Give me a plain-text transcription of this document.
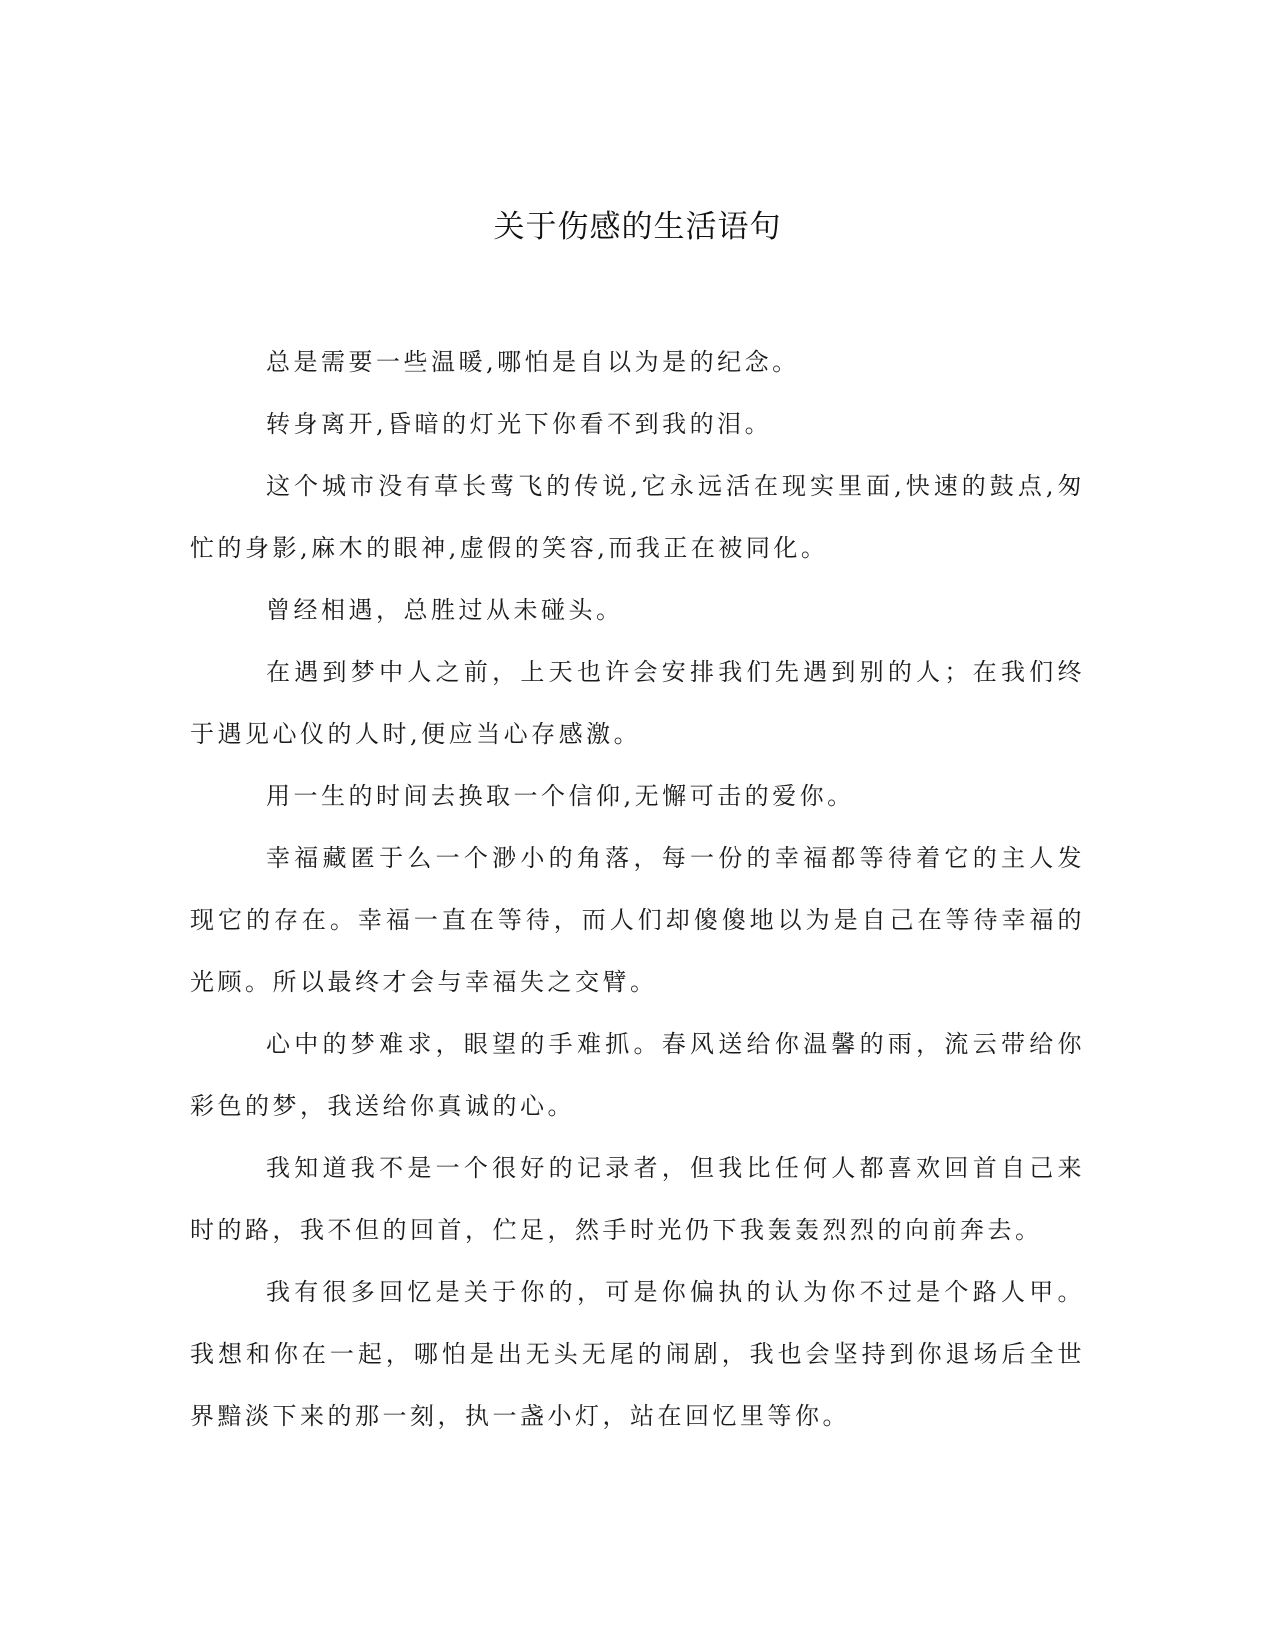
关于伤感的生活语句

总是需要一些温暖,哪怕是自以为是的纪念。

转身离开,昏暗的灯光下你看不到我的泪。

这个城市没有草长莺飞的传说,它永远活在现实里面,快速的鼓点,匆忙的身影,麻木的眼神,虚假的笑容,而我正在被同化。

曾经相遇，总胜过从未碰头。

在遇到梦中人之前，上天也许会安排我们先遇到别的人；在我们终于遇见心仪的人时,便应当心存感激。

用一生的时间去换取一个信仰,无懈可击的爱你。

幸福藏匿于么一个渺小的角落，每一份的幸福都等待着它的主人发现它的存在。幸福一直在等待，而人们却傻傻地以为是自己在等待幸福的光顾。所以最终才会与幸福失之交臂。

心中的梦难求，眼望的手难抓。春风送给你温馨的雨，流云带给你彩色的梦，我送给你真诚的心。

我知道我不是一个很好的记录者，但我比任何人都喜欢回首自己来时的路，我不但的回首，伫足，然手时光仍下我轰轰烈烈的向前奔去。

我有很多回忆是关于你的，可是你偏执的认为你不过是个路人甲。我想和你在一起，哪怕是出无头无尾的闹剧，我也会坚持到你退场后全世界黯淡下来的那一刻，执一盏小灯，站在回忆里等你。
